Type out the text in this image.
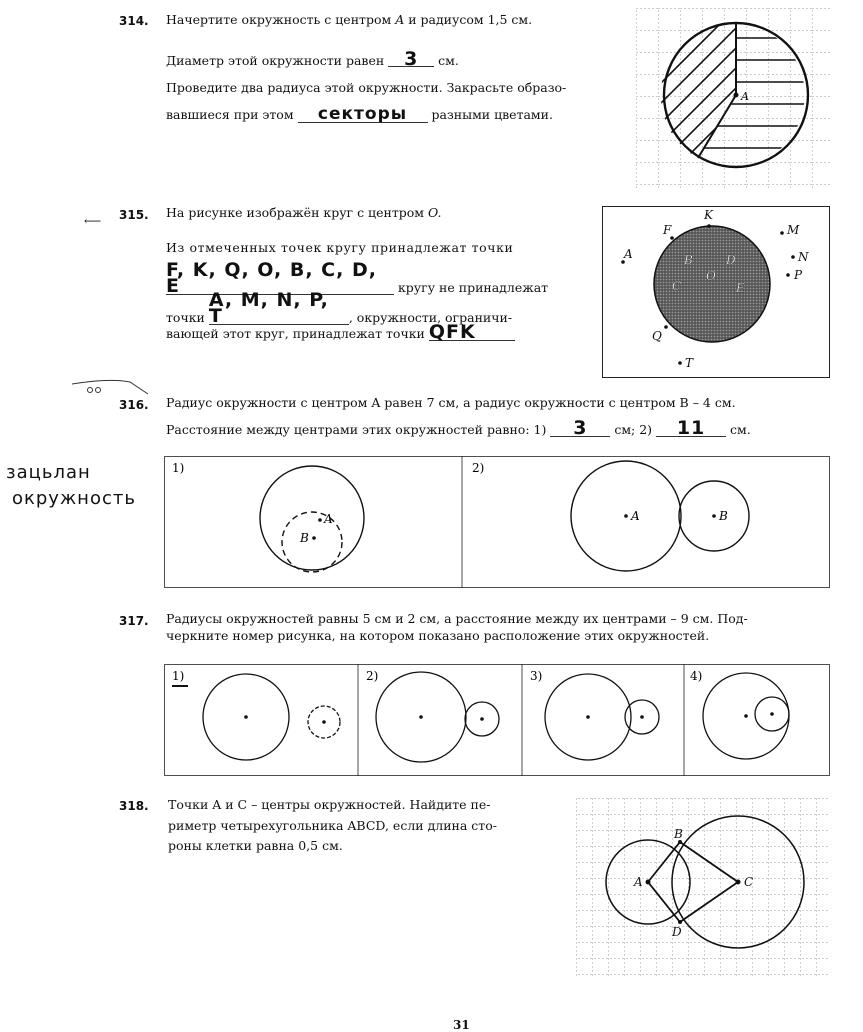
314. Начертите окружность с центром A и радиусом 1,5 см.
Диаметр этой окружности равен 3 см.
Проведите два радиуса этой окружности. Закрасьте образо-
вавшиеся при этом секторы разными цветами.
A
⟵ 315. На рисунке изображён круг с центром O.
Из отмеченных точек кругу принадлежат точки
F, K, Q, O, B, C, D, E	кругу не принадлежат
точки A, M, N, P, T	, окружности, ограничи-
вающей этот круг, принадлежат точки QFK
K
F	M
N
P
A
Q
T
B
O
C	E
D
316. Радиус окружности с центром A равен 7 см, а радиус окружности с центром B – 4 см.
Расстояние между центрами этих окружностей равно: 1) 3 см; 2) 11 см.
зацьлан
окружность
1)	2)
A
B
A	B
317. Радиусы окружностей равны 5 см и 2 см, а расстояние между их центрами – 9 см. Под-
черкните номер рисунка, на котором показано расположение этих окружностей.
1)	2)	3)	4)
318. Точки A и C – центры окружностей. Найдите пе-
риметр четырехугольника ABCD, если длина сто-
роны клетки равна 0,5 см.
A
B
C
D
31
